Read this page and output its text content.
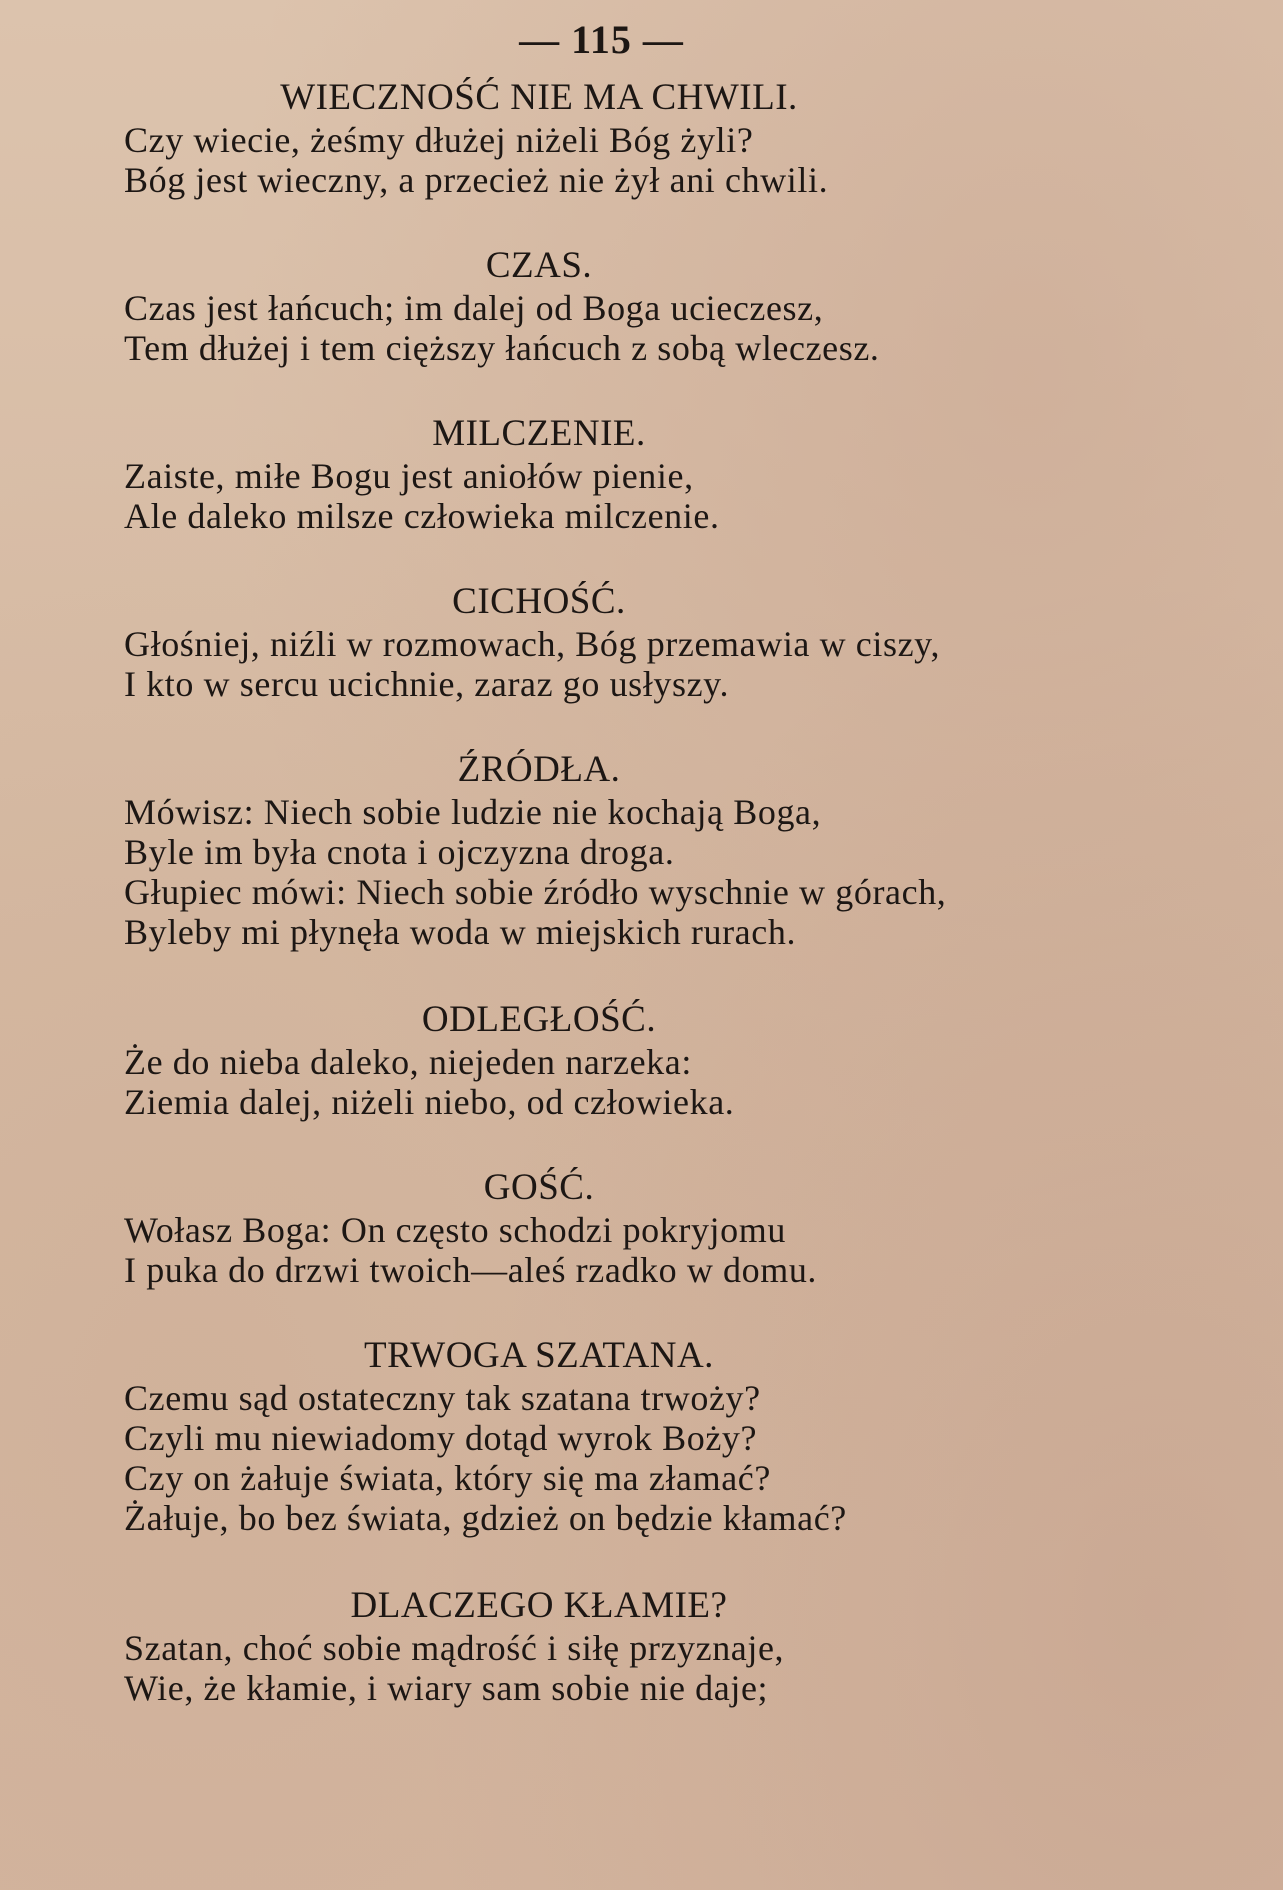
— 115 —
WIECZNOŚĆ NIE MA CHWILI.
Czy wiecie, żeśmy dłużej niżeli Bóg żyli?
Bóg jest wieczny, a przecież nie żył ani chwili.
CZAS.
Czas jest łańcuch; im dalej od Boga ucieczesz,
Tem dłużej i tem cięższy łańcuch z sobą wleczesz.
MILCZENIE.
Zaiste, miłe Bogu jest aniołów pienie,
Ale daleko milsze człowieka milczenie.
CICHOŚĆ.
Głośniej, niźli w rozmowach, Bóg przemawia w ciszy,
I kto w sercu ucichnie, zaraz go usłyszy.
ŹRÓDŁA.
Mówisz: Niech sobie ludzie nie kochają Boga,
Byle im była cnota i ojczyzna droga.
Głupiec mówi: Niech sobie źródło wyschnie w górach,
Byleby mi płynęła woda w miejskich rurach.
ODLEGŁOŚĆ.
Że do nieba daleko, niejeden narzeka:
Ziemia dalej, niżeli niebo, od człowieka.
GOŚĆ.
Wołasz Boga: On często schodzi pokryjomu
I puka do drzwi twoich—aleś rzadko w domu.
TRWOGA SZATANA.
Czemu sąd ostateczny tak szatana trwoży?
Czyli mu niewiadomy dotąd wyrok Boży?
Czy on żałuje świata, który się ma złamać?
Żałuje, bo bez świata, gdzież on będzie kłamać?
DLACZEGO KŁAMIE?
Szatan, choć sobie mądrość i siłę przyznaje,
Wie, że kłamie, i wiary sam sobie nie daje;
